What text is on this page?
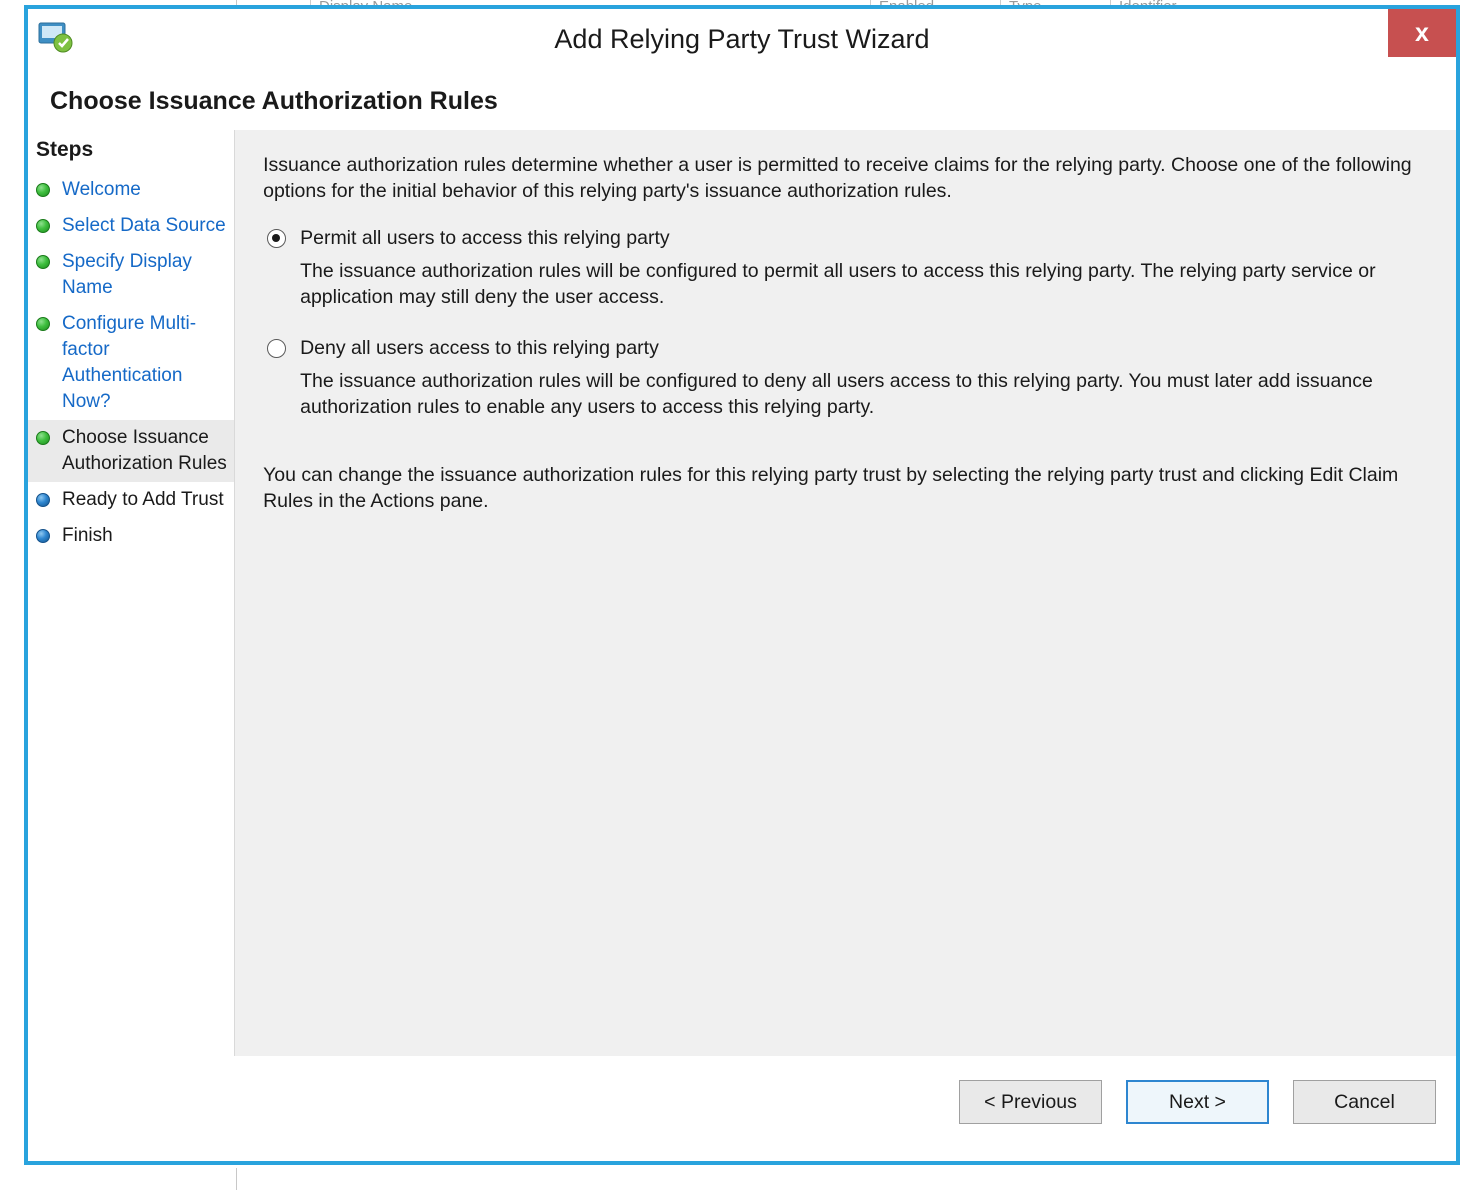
Add Relying Party Trust Wizard	x
Choose Issuance Authorization Rules
Steps
Welcome
Select Data Source
Specify Display Name
Configure Multi-factor Authentication Now?
Choose Issuance Authorization Rules
Ready to Add Trust
Finish
Issuance authorization rules determine whether a user is permitted to receive claims for the relying party. Choose one of the following options for the initial behavior of this relying party's issuance authorization rules.
Permit all users to access this relying party
The issuance authorization rules will be configured to permit all users to access this relying party. The relying party service or application may still deny the user access.
Deny all users access to this relying party
The issuance authorization rules will be configured to deny all users access to this relying party. You must later add issuance authorization rules to enable any users to access this relying party.
You can change the issuance authorization rules for this relying party trust by selecting the relying party trust and clicking Edit Claim Rules in the Actions pane.
< Previous	Next >	Cancel
